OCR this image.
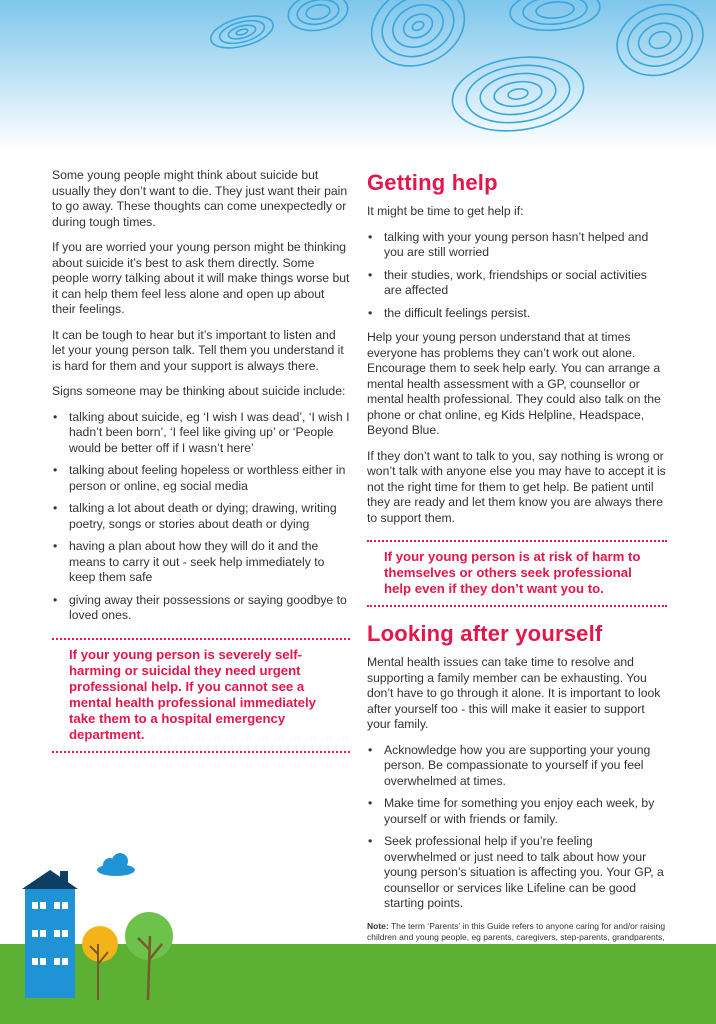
Some young people might think about suicide but usually they don’t want to die. They just want their pain to go away. These thoughts can come unexpectedly or during tough times.

If you are worried your young person might be thinking about suicide it’s best to ask them directly. Some people worry talking about it will make things worse but it can help them feel less alone and open up about their feelings.

It can be tough to hear but it’s important to listen and let your young person talk. Tell them you understand it is hard for them and your support is always there.

Signs someone may be thinking about suicide include:

• talking about suicide, eg ‘I wish I was dead’, ‘I wish I hadn’t been born’, ‘I feel like giving up’ or ‘People would be better off if I wasn’t here’
• talking about feeling hopeless or worthless either in person or online, eg social media
• talking a lot about death or dying; drawing, writing poetry, songs or stories about death or dying
• having a plan about how they will do it and the means to carry it out - seek help immediately to keep them safe
• giving away their possessions or saying goodbye to loved ones.
If your young person is severely self-harming or suicidal they need urgent professional help. If you cannot see a mental health professional immediately take them to a hospital emergency department.
Getting help

It might be time to get help if:

• talking with your young person hasn’t helped and you are still worried
• their studies, work, friendships or social activities are affected
• the difficult feelings persist.

Help your young person understand that at times everyone has problems they can’t work out alone. Encourage them to seek help early. You can arrange a mental health assessment with a GP, counsellor or mental health professional. They could also talk on the phone or chat online, eg Kids Helpline, Headspace, Beyond Blue.

If they don’t want to talk to you, say nothing is wrong or won’t talk with anyone else you may have to accept it is not the right time for them to get help. Be patient until they are ready and let them know you are always there to support them.

If your young person is at risk of harm to themselves or others seek professional help even if they don’t want you to.
Looking after yourself

Mental health issues can take time to resolve and supporting a family member can be exhausting. You don’t have to go through it alone. It is important to look after yourself too - this will make it easier to support your family.

• Acknowledge how you are supporting your young person. Be compassionate to yourself if you feel overwhelmed at times.
• Make time for something you enjoy each week, by yourself or with friends or family.
• Seek professional help if you’re feeling overwhelmed or just need to talk about how your young person’s situation is affecting you. Your GP, a counsellor or services like Lifeline can be good starting points.
Note: The term ‘Parents’ in this Guide refers to anyone caring for and/or raising children and young people, eg parents, caregivers, step-parents, grandparents,
